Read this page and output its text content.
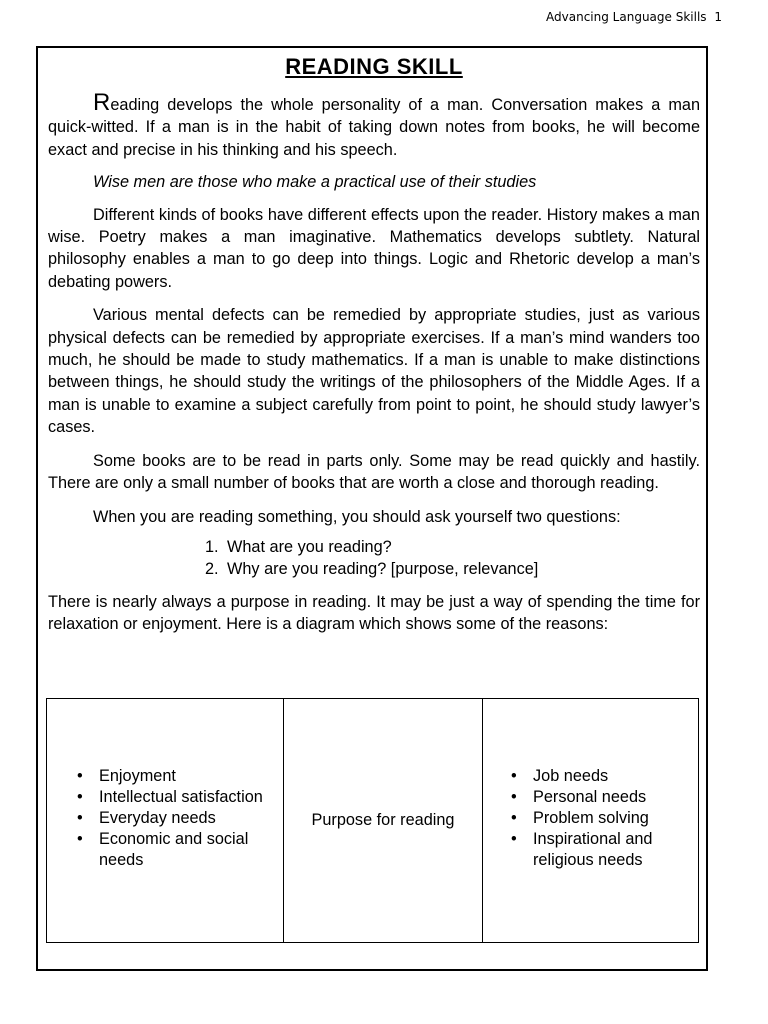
Advancing Language Skills 1
READING SKILL

Reading develops the whole personality of a man. Conversation makes a man quick-witted. If a man is in the habit of taking down notes from books, he will become exact and precise in his thinking and his speech.

Wise men are those who make a practical use of their studies

Different kinds of books have different effects upon the reader. History makes a man wise. Poetry makes a man imaginative. Mathematics develops subtlety. Natural philosophy enables a man to go deep into things. Logic and Rhetoric develop a man’s debating powers.

Various mental defects can be remedied by appropriate studies, just as various physical defects can be remedied by appropriate exercises. If a man’s mind wanders too much, he should be made to study mathematics. If a man is unable to make distinctions between things, he should study the writings of the philosophers of the Middle Ages. If a man is unable to examine a subject carefully from point to point, he should study lawyer’s cases.

Some books are to be read in parts only. Some may be read quickly and hastily. There are only a small number of books that are worth a close and thorough reading.

When you are reading something, you should ask yourself two questions:

1. What are you reading?
2. Why are you reading? [purpose, relevance]

There is nearly always a purpose in reading. It may be just a way of spending the time for relaxation or enjoyment. Here is a diagram which shows some of the reasons:

• Enjoyment
• Intellectual satisfaction
• Everyday needs
• Economic and social needs
Purpose for reading
• Job needs
• Personal needs
• Problem solving
• Inspirational and religious needs
